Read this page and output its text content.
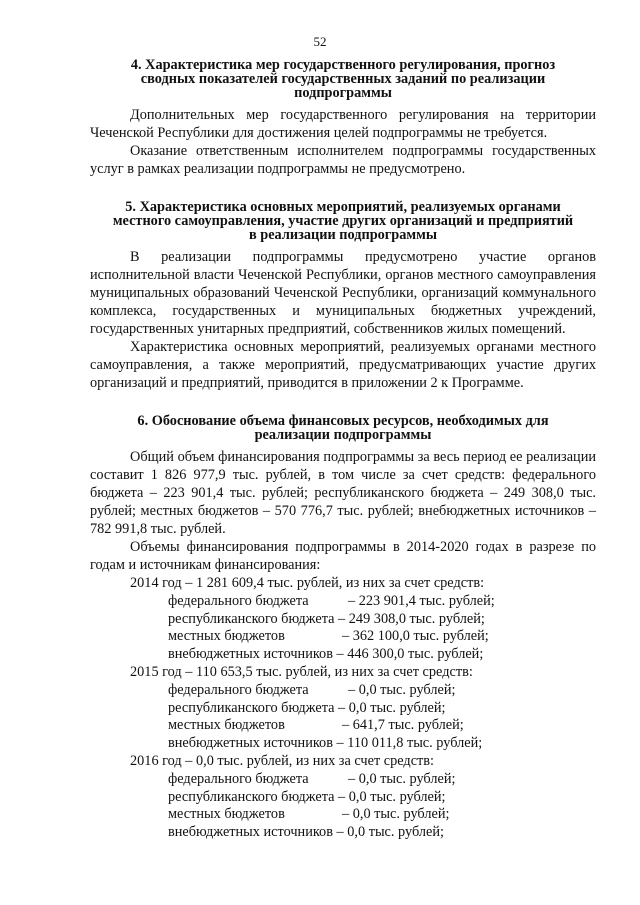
52
4. Характеристика мер государственного регулирования, прогноз
сводных показателей государственных заданий по реализации
подпрограммы

Дополнительных мер государственного регулирования на территории Чеченской Республики для достижения целей подпрограммы не требуется.

Оказание ответственным исполнителем подпрограммы государственных услуг в рамках реализации подпрограммы не предусмотрено.

5. Характеристика основных мероприятий, реализуемых органами
местного самоуправления, участие других организаций и предприятий
в реализации подпрограммы

В реализации подпрограммы предусмотрено участие органов исполнительной власти Чеченской Республики, органов местного самоуправления муниципальных образований Чеченской Республики, организаций коммунального комплекса, государственных и муниципальных бюджетных учреждений, государственных унитарных предприятий, собственников жилых помещений.

Характеристика основных мероприятий, реализуемых органами местного самоуправления, а также мероприятий, предусматривающих участие других организаций и предприятий, приводится в приложении 2 к Программе.

6. Обоснование объема финансовых ресурсов, необходимых для
реализации подпрограммы

Общий объем финансирования подпрограммы за весь период ее реализации составит 1 826 977,9 тыс. рублей, в том числе за счет средств: федерального бюджета – 223 901,4 тыс. рублей; республиканского бюджета – 249 308,0 тыс. рублей; местных бюджетов – 570 776,7 тыс. рублей; внебюджетных источников – 782 991,8 тыс. рублей.

Объемы финансирования подпрограммы в 2014-2020 годах в разрезе по годам и источникам финансирования:

2014 год – 1 281 609,4 тыс. рублей, из них за счет средств:
федерального бюджета	– 223 901,4 тыс. рублей;
республиканского бюджета – 249 308,0 тыс. рублей;
местных бюджетов	– 362 100,0 тыс. рублей;
внебюджетных источников – 446 300,0 тыс. рублей;
2015 год – 110 653,5 тыс. рублей, из них за счет средств:
федерального бюджета	– 0,0 тыс. рублей;
республиканского бюджета – 0,0 тыс. рублей;
местных бюджетов	– 641,7 тыс. рублей;
внебюджетных источников – 110 011,8 тыс. рублей;
2016 год – 0,0 тыс. рублей, из них за счет средств:
федерального бюджета	– 0,0 тыс. рублей;
республиканского бюджета – 0,0 тыс. рублей;
местных бюджетов	– 0,0 тыс. рублей;
внебюджетных источников – 0,0 тыс. рублей;
